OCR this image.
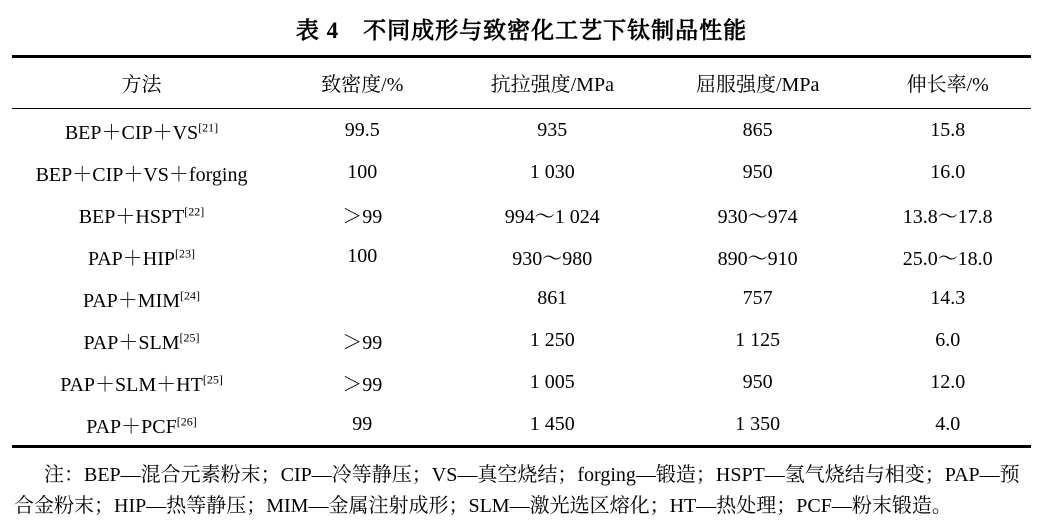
表 4　不同成形与致密化工艺下钛制品性能
方法	致密度/%	抗拉强度/MPa	屈服强度/MPa	伸长率/%
BEP＋CIP＋VS[21]	99.5	935	865	15.8
BEP＋CIP＋VS＋forging	100	1 030	950	16.0
BEP＋HSPT[22]	＞99	994～1 024	930～974	13.8～17.8
PAP＋HIP[23]	100	930～980	890～910	25.0～18.0
PAP＋MIM[24]		861	757	14.3
PAP＋SLM[25]	＞99	1 250	1 125	6.0
PAP＋SLM＋HT[25]	＞99	1 005	950	12.0
PAP＋PCF[26]	99	1 450	1 350	4.0
注：BEP—混合元素粉末；CIP—冷等静压；VS—真空烧结；forging—锻造；HSPT—氢气烧结与相变；PAP—预
合金粉末；HIP—热等静压；MIM—金属注射成形；SLM—激光选区熔化；HT—热处理；PCF—粉末锻造。
